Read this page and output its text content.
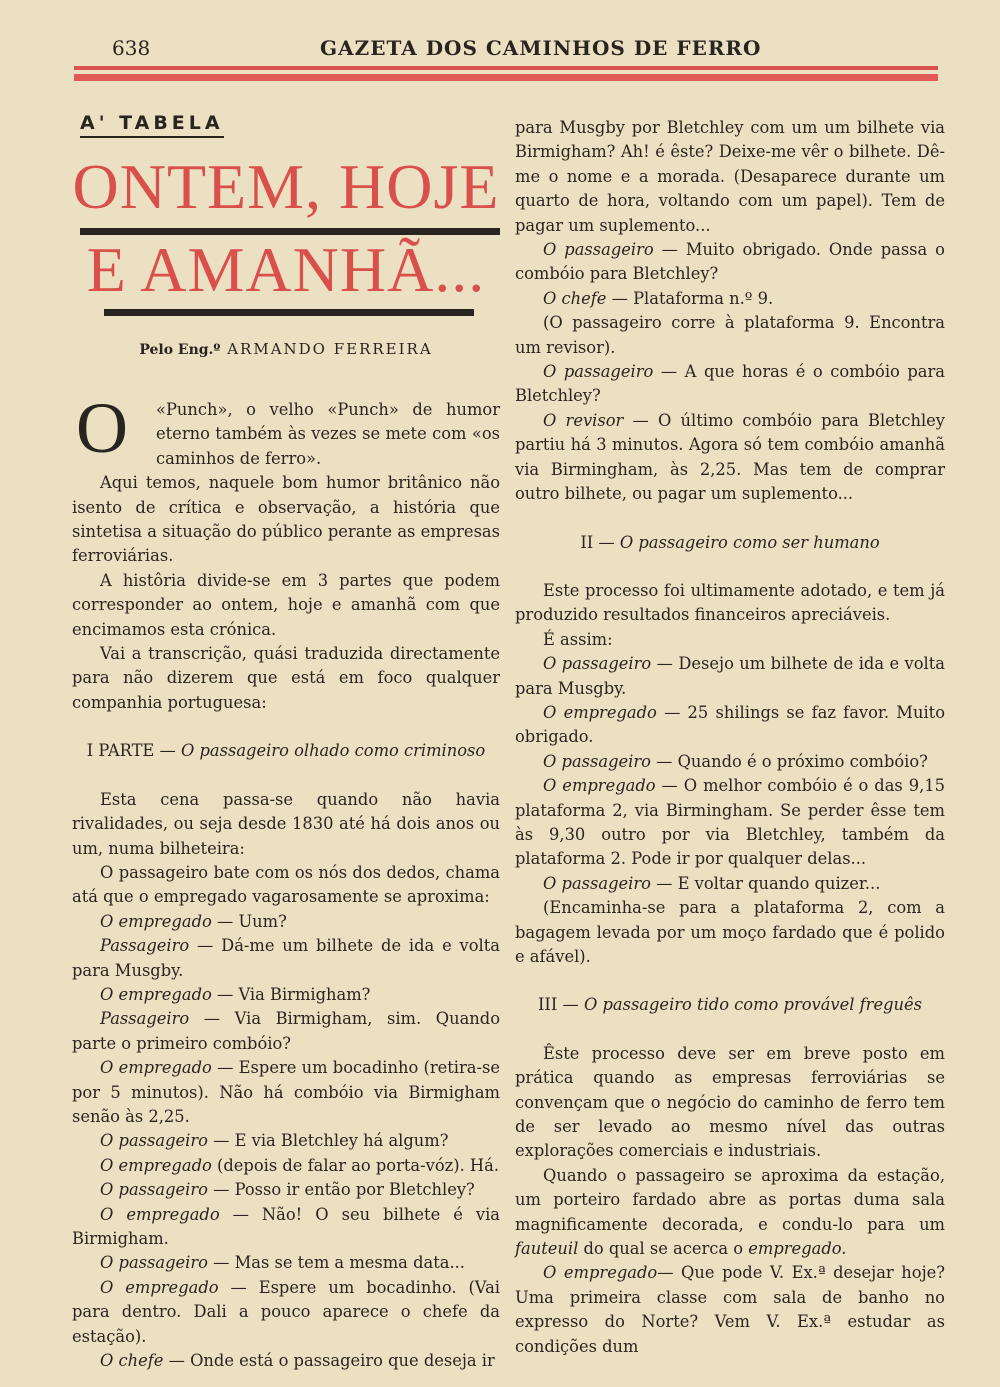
638	GAZETA DOS CAMINHOS DE FERRO
A' TABELA
ONTEM, HOJE
E AMANHÃ...
Pelo Eng.º ARMANDO FERREIRA
O «Punch», o velho «Punch» de humor eterno também às vezes se mete com «os caminhos de ferro».

Aqui temos, naquele bom humor britânico não isento de crítica e observação, a história que sintetisa a situação do público perante as empresas ferroviárias.

A histôria divide-se em 3 partes que podem corresponder ao ontem, hoje e amanhã com que encimamos esta crónica.

Vai a transcrição, quási traduzida directamente para não dizerem que está em foco qualquer companhia portuguesa:

I PARTE — O passageiro olhado como criminoso

Esta cena passa-se quando não havia rivalidades, ou seja desde 1830 até há dois anos ou um, numa bilheteira:

O passageiro bate com os nós dos dedos, chama atá que o empregado vagarosamente se aproxima:

O empregado — Uum?

Passageiro — Dá-me um bilhete de ida e volta para Musgby.

O empregado — Via Birmigham?

Passageiro — Via Birmigham, sim. Quando parte o primeiro combóio?

O empregado — Espere um bocadinho (retira-se por 5 minutos). Não há combóio via Birmigham senão às 2,25.

O passageiro — E via Bletchley há algum?

O empregado (depois de falar ao porta-vóz). Há.

O passageiro — Posso ir então por Bletchley?

O empregado — Não! O seu bilhete é via Birmigham.

O passageiro — Mas se tem a mesma data...

O empregado — Espere um bocadinho. (Vai para dentro. Dali a pouco aparece o chefe da estação).

O chefe — Onde está o passageiro que deseja ir

para Musgby por Bletchley com um um bilhete via Birmigham? Ah! é êste? Deixe-me vêr o bilhete. Dê-me o nome e a morada. (Desaparece durante um quarto de hora, voltando com um papel). Tem de pagar um suplemento...

O passageiro — Muito obrigado. Onde passa o combóio para Bletchley?

O chefe — Plataforma n.º 9.

(O passageiro corre à plataforma 9. Encontra um revisor).

O passageiro — A que horas é o combóio para Bletchley?

O revisor — O último combóio para Bletchley partiu há 3 minutos. Agora só tem combóio amanhã via Birmingham, às 2,25. Mas tem de comprar outro bilhete, ou pagar um suplemento...

II — O passageiro como ser humano

Este processo foi ultimamente adotado, e tem já produzido resultados financeiros apreciáveis.

É assim:

O passageiro — Desejo um bilhete de ida e volta para Musgby.

O empregado — 25 shilings se faz favor. Muito obrigado.

O passageiro — Quando é o próximo combóio?

O empregado — O melhor combóio é o das 9,15 plataforma 2, via Birmingham. Se perder êsse tem às 9,30 outro por via Bletchley, também da plataforma 2. Pode ir por qualquer delas...

O passageiro — E voltar quando quizer...

(Encaminha-se para a plataforma 2, com a bagagem levada por um moço fardado que é polido e afável).

III — O passageiro tido como provável freguês

Êste processo deve ser em breve posto em prática quando as empresas ferroviárias se convençam que o negócio do caminho de ferro tem de ser levado ao mesmo nível das outras explorações comerciais e industriais.

Quando o passageiro se aproxima da estação, um porteiro fardado abre as portas duma sala magnificamente decorada, e condu-lo para um fauteuil do qual se acerca o empregado.

O empregado— Que pode V. Ex.ª desejar hoje? Uma primeira classe com sala de banho no expresso do Norte? Vem V. Ex.ª estudar as condições dum
